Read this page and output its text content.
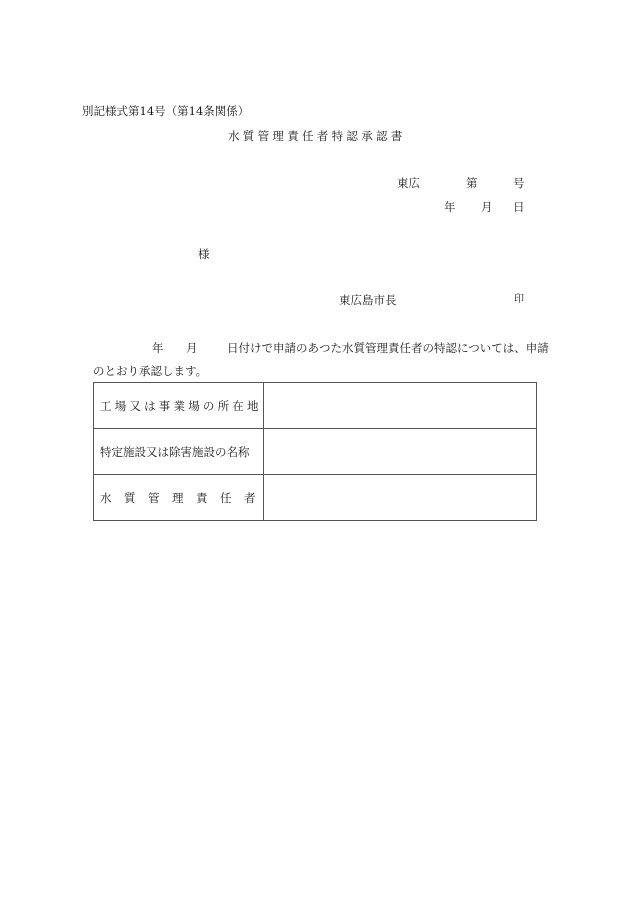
別記様式第14号（第14条関係）
水質管理責任者特認承認書
東広	第	号
年 月 日
様
東広島市長	印
年 月	日付けで申請のあつた水質管理責任者の特認については、申請
のとおり承認します。
工場又は事業場の所在地	
特定施設又は除害施設の名称	
水質管理責任者	
